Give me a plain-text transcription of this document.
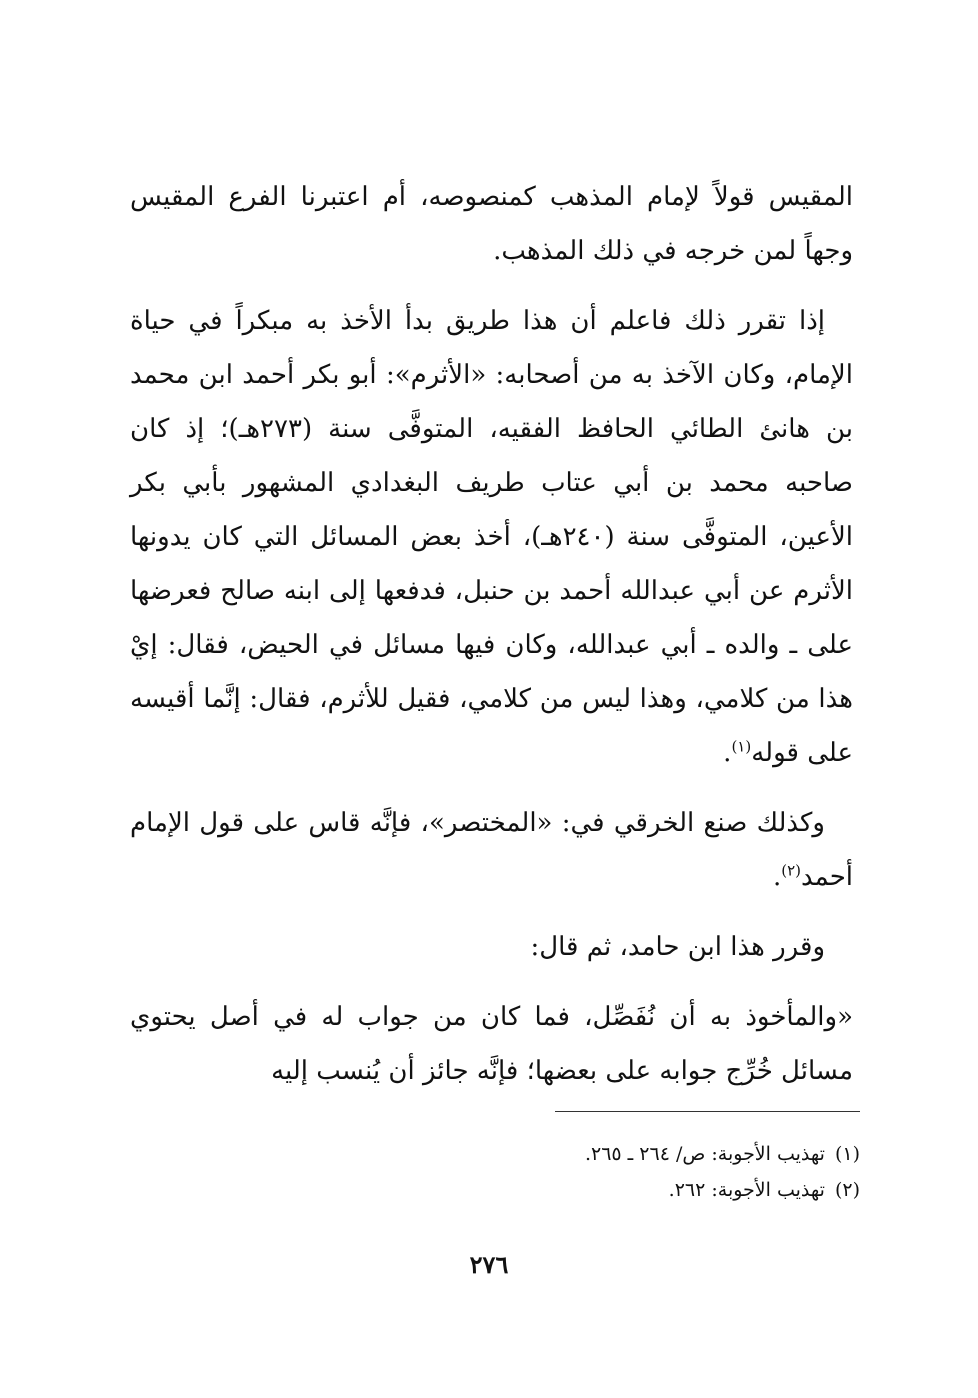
المقيس قولاً لإمام المذهب كمنصوصه، أم اعتبرنا الفرع المقيس وجهاً لمن خرجه في ذلك المذهب.

إذا تقرر ذلك فاعلم أن هذا طريق بدأ الأخذ به مبكراً في حياة الإمام، وكان الآخذ به من أصحابه: «الأثرم»: أبو بكر أحمد ابن محمد بن هانئ الطائي الحافظ الفقيه، المتوفَّى سنة (٢٧٣هـ)؛ إذ كان صاحبه محمد بن أبي عتاب طريف البغدادي المشهور بأبي بكر الأعين، المتوفَّى سنة (٢٤٠هـ)، أخذ بعض المسائل التي كان يدونها الأثرم عن أبي عبدالله أحمد بن حنبل، فدفعها إلى ابنه صالح فعرضها على ـ والده ـ أبي عبدالله، وكان فيها مسائل في الحيض، فقال: إيْ هذا من كلامي، وهذا ليس من كلامي، فقيل للأثرم، فقال: إنَّما أقيسه على قوله$^{(١)}$.

وكذلك صنع الخرقي في: «المختصر»، فإنَّه قاس على قول الإمام أحمد$^{(٢)}$.

وقرر هذا ابن حامد، ثم قال:

«والمأخوذ به أن نُفَصِّل، فما كان من جواب له في أصل يحتوي مسائل خُرِّج جوابه على بعضها؛ فإنَّه جائز أن يُنسب إليه

(١)تهذيب الأجوبة: ص/ ٢٦٤ ـ ٢٦٥.
(٢)تهذيب الأجوبة: ٢٦٢.
٢٧٦
